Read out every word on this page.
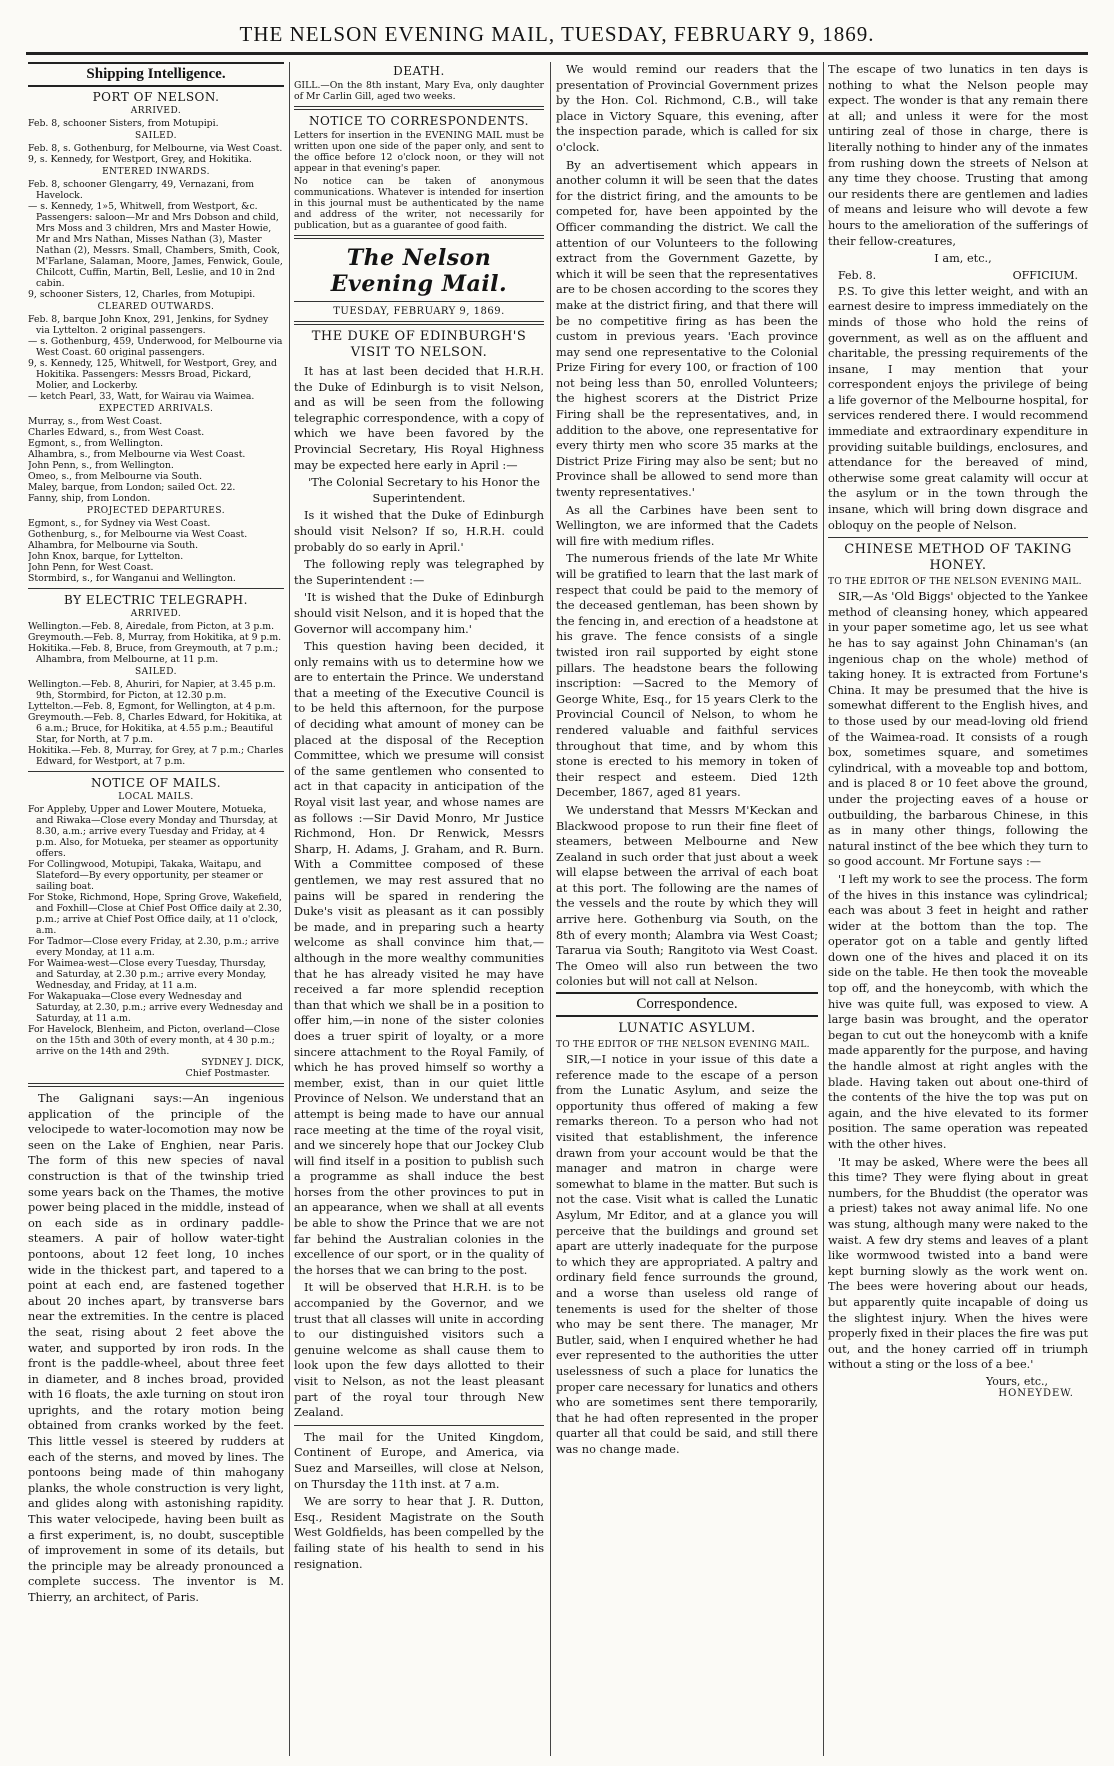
THE NELSON EVENING MAIL, TUESDAY, FEBRUARY 9, 1869.
Shipping Intelligence.
PORT OF NELSON.
ARRIVED.

Feb. 8, schooner Sisters, from Motupipi.

SAILED.

Feb. 8, s. Gothenburg, for Melbourne, via West Coast.

9, s. Kennedy, for Westport, Grey, and Hokitika.

ENTERED INWARDS.

Feb. 8, schooner Glengarry, 49, Vernazani, from Havelock.

— s. Kennedy, 1»5, Whitwell, from Westport, &c. Passengers: saloon—Mr and Mrs Dobson and child, Mrs Moss and 3 children, Mrs and Master Howie, Mr and Mrs Nathan, Misses Nathan (3), Master Nathan (2), Messrs. Small, Chambers, Smith, Cook, M'Farlane, Salaman, Moore, James, Fenwick, Goule, Chilcott, Cuffin, Martin, Bell, Leslie, and 10 in 2nd cabin.

9, schooner Sisters, 12, Charles, from Motupipi.

CLEARED OUTWARDS.

Feb. 8, barque John Knox, 291, Jenkins, for Sydney via Lyttelton. 2 original passengers.

— s. Gothenburg, 459, Underwood, for Melbourne via West Coast. 60 original passengers.

9, s. Kennedy, 125, Whitwell, for Westport, Grey, and Hokitika. Passengers: Messrs Broad, Pickard, Molier, and Lockerby.

— ketch Pearl, 33, Watt, for Wairau via Waimea.

EXPECTED ARRIVALS.

Murray, s., from West Coast.

Charles Edward, s., from West Coast.

Egmont, s., from Wellington.

Alhambra, s., from Melbourne via West Coast.

John Penn, s., from Wellington.

Omeo, s., from Melbourne via South.

Maley, barque, from London; sailed Oct. 22.

Fanny, ship, from London.

PROJECTED DEPARTURES.

Egmont, s., for Sydney via West Coast.

Gothenburg, s., for Melbourne via West Coast.

Alhambra, for Melbourne via South.

John Knox, barque, for Lyttelton.

John Penn, for West Coast.

Stormbird, s., for Wanganui and Wellington.

BY ELECTRIC TELEGRAPH.
ARRIVED.

Wellington.—Feb. 8, Airedale, from Picton, at 3 p.m.

Greymouth.—Feb. 8, Murray, from Hokitika, at 9 p.m.

Hokitika.—Feb. 8, Bruce, from Greymouth, at 7 p.m.; Alhambra, from Melbourne, at 11 p.m.

SAILED.

Wellington.—Feb. 8, Ahuriri, for Napier, at 3.45 p.m. 9th, Stormbird, for Picton, at 12.30 p.m.

Lyttelton.—Feb. 8, Egmont, for Wellington, at 4 p.m.

Greymouth.—Feb. 8, Charles Edward, for Hokitika, at 6 a.m.; Bruce, for Hokitika, at 4.55 p.m.; Beautiful Star, for North, at 7 p.m.

Hokitika.—Feb. 8, Murray, for Grey, at 7 p.m.; Charles Edward, for Westport, at 7 p.m.

NOTICE OF MAILS.
LOCAL MAILS.

For Appleby, Upper and Lower Moutere, Motueka, and Riwaka—Close every Monday and Thursday, at 8.30, a.m.; arrive every Tuesday and Friday, at 4 p.m. Also, for Motueka, per steamer as opportunity offers.

For Collingwood, Motupipi, Takaka, Waitapu, and Slateford—By every opportunity, per steamer or sailing boat.

For Stoke, Richmond, Hope, Spring Grove, Wakefield, and Foxhill—Close at Chief Post Office daily at 2.30, p.m.; arrive at Chief Post Office daily, at 11 o'clock, a.m.

For Tadmor—Close every Friday, at 2.30, p.m.; arrive every Monday, at 11 a.m.

For Waimea-west—Close every Tuesday, Thursday, and Saturday, at 2.30 p.m.; arrive every Monday, Wednesday, and Friday, at 11 a.m.

For Wakapuaka—Close every Wednesday and Saturday, at 2.30, p.m.; arrive every Wednesday and Saturday, at 11 a.m.

For Havelock, Blenheim, and Picton, overland—Close on the 15th and 30th of every month, at 4 30 p.m.; arrive on the 14th and 29th.

SYDNEY J. DICK,

Chief Postmaster.

The Galignani says:—An ingenious application of the principle of the velocipede to water-locomotion may now be seen on the Lake of Enghien, near Paris. The form of this new species of naval construction is that of the twinship tried some years back on the Thames, the motive power being placed in the middle, instead of on each side as in ordinary paddle-steamers. A pair of hollow water-tight pontoons, about 12 feet long, 10 inches wide in the thickest part, and tapered to a point at each end, are fastened together about 20 inches apart, by transverse bars near the extremities. In the centre is placed the seat, rising about 2 feet above the water, and supported by iron rods. In the front is the paddle-wheel, about three feet in diameter, and 8 inches broad, provided with 16 floats, the axle turning on stout iron uprights, and the rotary motion being obtained from cranks worked by the feet. This little vessel is steered by rudders at each of the sterns, and moved by lines. The pontoons being made of thin mahogany planks, the whole construction is very light, and glides along with astonishing rapidity. This water velocipede, having been built as a first experiment, is, no doubt, susceptible of improvement in some of its details, but the principle may be already pronounced a complete success. The inventor is M. Thierry, an architect, of Paris.

DEATH.

GILL.—On the 8th instant, Mary Eva, only daughter of Mr Carlin Gill, aged two weeks.

NOTICE TO CORRESPONDENTS.

Letters for insertion in the EVENING MAIL must be written upon one side of the paper only, and sent to the office before 12 o'clock noon, or they will not appear in that evening's paper.

No notice can be taken of anonymous communications. Whatever is intended for insertion in this journal must be authenticated by the name and address of the writer, not necessarily for publication, but as a guarantee of good faith.

The Nelson Evening Mail.
TUESDAY, FEBRUARY 9, 1869.
THE DUKE OF EDINBURGH'S VISIT TO NELSON.

It has at last been decided that H.R.H. the Duke of Edinburgh is to visit Nelson, and as will be seen from the following telegraphic correspondence, with a copy of which we have been favored by the Provincial Secretary, His Royal Highness may be expected here early in April :—

'The Colonial Secretary to his Honor the Superintendent.

Is it wished that the Duke of Edinburgh should visit Nelson? If so, H.R.H. could probably do so early in April.'

The following reply was telegraphed by the Superintendent :—

'It is wished that the Duke of Edinburgh should visit Nelson, and it is hoped that the Governor will accompany him.'

This question having been decided, it only remains with us to determine how we are to entertain the Prince. We understand that a meeting of the Executive Council is to be held this afternoon, for the purpose of deciding what amount of money can be placed at the disposal of the Reception Committee, which we presume will consist of the same gentlemen who consented to act in that capacity in anticipation of the Royal visit last year, and whose names are as follows :—Sir David Monro, Mr Justice Richmond, Hon. Dr Renwick, Messrs Sharp, H. Adams, J. Graham, and R. Burn. With a Committee composed of these gentlemen, we may rest assured that no pains will be spared in rendering the Duke's visit as pleasant as it can possibly be made, and in preparing such a hearty welcome as shall convince him that,—although in the more wealthy communities that he has already visited he may have received a far more splendid reception than that which we shall be in a position to offer him,—in none of the sister colonies does a truer spirit of loyalty, or a more sincere attachment to the Royal Family, of which he has proved himself so worthy a member, exist, than in our quiet little Province of Nelson. We understand that an attempt is being made to have our annual race meeting at the time of the royal visit, and we sincerely hope that our Jockey Club will find itself in a position to publish such a programme as shall induce the best horses from the other provinces to put in an appearance, when we shall at all events be able to show the Prince that we are not far behind the Australian colonies in the excellence of our sport, or in the quality of the horses that we can bring to the post.

It will be observed that H.R.H. is to be accompanied by the Governor, and we trust that all classes will unite in according to our distinguished visitors such a genuine welcome as shall cause them to look upon the few days allotted to their visit to Nelson, as not the least pleasant part of the royal tour through New Zealand.

The mail for the United Kingdom, Continent of Europe, and America, via Suez and Marseilles, will close at Nelson, on Thursday the 11th inst. at 7 a.m.

We are sorry to hear that J. R. Dutton, Esq., Resident Magistrate on the South West Goldfields, has been compelled by the failing state of his health to send in his resignation.

We would remind our readers that the presentation of Provincial Government prizes by the Hon. Col. Richmond, C.B., will take place in Victory Square, this evening, after the inspection parade, which is called for six o'clock.

By an advertisement which appears in another column it will be seen that the dates for the district firing, and the amounts to be competed for, have been appointed by the Officer commanding the district. We call the attention of our Volunteers to the following extract from the Government Gazette, by which it will be seen that the representatives are to be chosen according to the scores they make at the district firing, and that there will be no competitive firing as has been the custom in previous years. 'Each province may send one representative to the Colonial Prize Firing for every 100, or fraction of 100 not being less than 50, enrolled Volunteers; the highest scorers at the District Prize Firing shall be the representatives, and, in addition to the above, one representative for every thirty men who score 35 marks at the District Prize Firing may also be sent; but no Province shall be allowed to send more than twenty representatives.'

As all the Carbines have been sent to Wellington, we are informed that the Cadets will fire with medium rifles.

The numerous friends of the late Mr White will be gratified to learn that the last mark of respect that could be paid to the memory of the deceased gentleman, has been shown by the fencing in, and erection of a headstone at his grave. The fence consists of a single twisted iron rail supported by eight stone pillars. The headstone bears the following inscription: —Sacred to the Memory of George White, Esq., for 15 years Clerk to the Provincial Council of Nelson, to whom he rendered valuable and faithful services throughout that time, and by whom this stone is erected to his memory in token of their respect and esteem. Died 12th December, 1867, aged 81 years.

We understand that Messrs M'Keckan and Blackwood propose to run their fine fleet of steamers, between Melbourne and New Zealand in such order that just about a week will elapse between the arrival of each boat at this port. The following are the names of the vessels and the route by which they will arrive here. Gothenburg via South, on the 8th of every month; Alambra via West Coast; Tararua via South; Rangitoto via West Coast. The Omeo will also run between the two colonies but will not call at Nelson.

Correspondence.
LUNATIC ASYLUM.
TO THE EDITOR OF THE NELSON EVENING MAIL.

SIR,—I notice in your issue of this date a reference made to the escape of a person from the Lunatic Asylum, and seize the opportunity thus offered of making a few remarks thereon. To a person who had not visited that establishment, the inference drawn from your account would be that the manager and matron in charge were somewhat to blame in the matter. But such is not the case. Visit what is called the Lunatic Asylum, Mr Editor, and at a glance you will perceive that the buildings and ground set apart are utterly inadequate for the purpose to which they are appropriated. A paltry and ordinary field fence surrounds the ground, and a worse than useless old range of tenements is used for the shelter of those who may be sent there. The manager, Mr Butler, said, when I enquired whether he had ever represented to the authorities the utter uselessness of such a place for lunatics the proper care necessary for lunatics and others who are sometimes sent there temporarily, that he had often represented in the proper quarter all that could be said, and still there was no change made.

The escape of two lunatics in ten days is nothing to what the Nelson people may expect. The wonder is that any remain there at all; and unless it were for the most untiring zeal of those in charge, there is literally nothing to hinder any of the inmates from rushing down the streets of Nelson at any time they choose. Trusting that among our residents there are gentlemen and ladies of means and leisure who will devote a few hours to the amelioration of the sufferings of their fellow-creatures,

I am, etc.,

Feb. 8.	OFFICIUM.

P.S. To give this letter weight, and with an earnest desire to impress immediately on the minds of those who hold the reins of government, as well as on the affluent and charitable, the pressing requirements of the insane, I may mention that your correspondent enjoys the privilege of being a life governor of the Melbourne hospital, for services rendered there. I would recommend immediate and extraordinary expenditure in providing suitable buildings, enclosures, and attendance for the bereaved of mind, otherwise some great calamity will occur at the asylum or in the town through the insane, which will bring down disgrace and obloquy on the people of Nelson.

CHINESE METHOD OF TAKING HONEY.
TO THE EDITOR OF THE NELSON EVENING MAIL.

SIR,—As 'Old Biggs' objected to the Yankee method of cleansing honey, which appeared in your paper sometime ago, let us see what he has to say against John Chinaman's (an ingenious chap on the whole) method of taking honey. It is extracted from Fortune's China. It may be presumed that the hive is somewhat different to the English hives, and to those used by our mead-loving old friend of the Waimea-road. It consists of a rough box, sometimes square, and sometimes cylindrical, with a moveable top and bottom, and is placed 8 or 10 feet above the ground, under the projecting eaves of a house or outbuilding, the barbarous Chinese, in this as in many other things, following the natural instinct of the bee which they turn to so good account. Mr Fortune says :—

'I left my work to see the process. The form of the hives in this instance was cylindrical; each was about 3 feet in height and rather wider at the bottom than the top. The operator got on a table and gently lifted down one of the hives and placed it on its side on the table. He then took the moveable top off, and the honeycomb, with which the hive was quite full, was exposed to view. A large basin was brought, and the operator began to cut out the honeycomb with a knife made apparently for the purpose, and having the handle almost at right angles with the blade. Having taken out about one-third of the contents of the hive the top was put on again, and the hive elevated to its former position. The same operation was repeated with the other hives.

'It may be asked, Where were the bees all this time? They were flying about in great numbers, for the Bhuddist (the operator was a priest) takes not away animal life. No one was stung, although many were naked to the waist. A few dry stems and leaves of a plant like wormwood twisted into a band were kept burning slowly as the work went on. The bees were hovering about our heads, but apparently quite incapable of doing us the slightest injury. When the hives were properly fixed in their places the fire was put out, and the honey carried off in triumph without a sting or the loss of a bee.'

Yours, etc.,

HONEYDEW.
